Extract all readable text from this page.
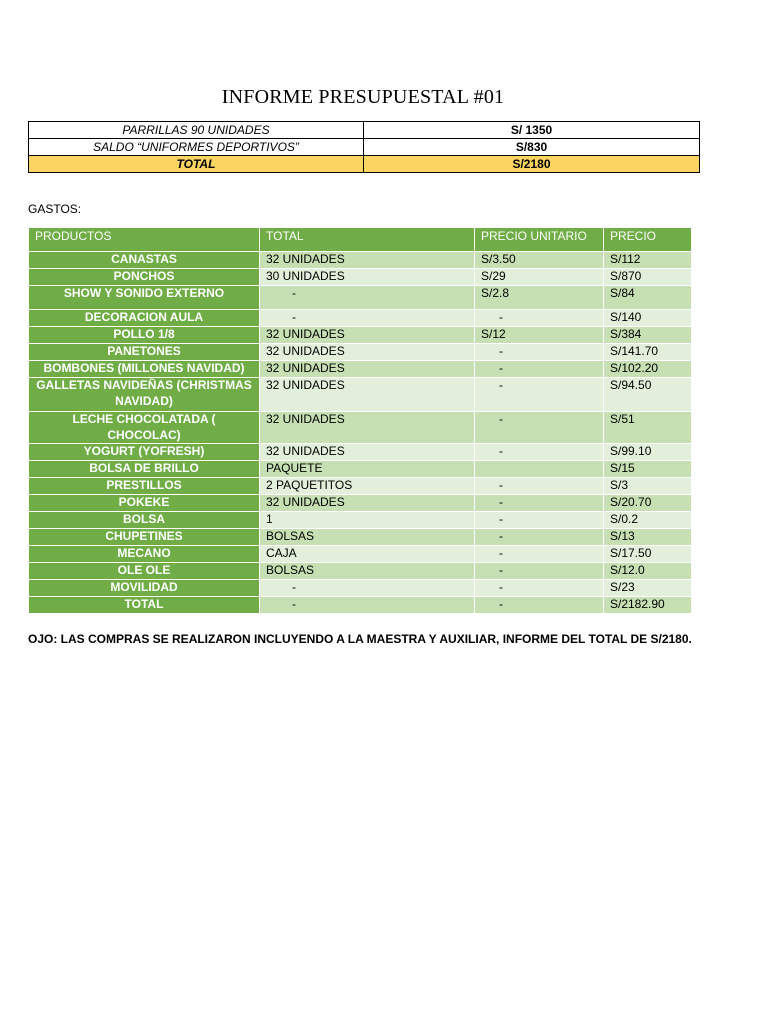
INFORME PRESUPUESTAL #01
PARRILLAS 90 UNIDADES	S/ 1350
SALDO “UNIFORMES DEPORTIVOS”	S/830
TOTAL	S/2180
GASTOS:
PRODUCTOS	TOTAL	PRECIO UNITARIO	PRECIO
CANASTAS	32 UNIDADES	S/3.50	S/112
PONCHOS	30 UNIDADES	S/29	S/870
SHOW Y SONIDO EXTERNO	-	S/2.8	S/84
DECORACION AULA	-	-	S/140
POLLO 1/8	32 UNIDADES	S/12	S/384
PANETONES	32 UNIDADES	-	S/141.70
BOMBONES (MILLONES NAVIDAD)	32 UNIDADES	-	S/102.20
GALLETAS NAVIDEÑAS (CHRISTMAS NAVIDAD)	32 UNIDADES	-	S/94.50
LECHE CHOCOLATADA ( CHOCOLAC)	32 UNIDADES	-	S/51
YOGURT (YOFRESH)	32 UNIDADES	-	S/99.10
BOLSA DE BRILLO	PAQUETE		S/15
PRESTILLOS	2 PAQUETITOS	-	S/3
POKEKE	32 UNIDADES	-	S/20.70
BOLSA	1	-	S/0.2
CHUPETINES	BOLSAS	-	S/13
MECANO	CAJA	-	S/17.50
OLE OLE	BOLSAS	-	S/12.0
MOVILIDAD	-	-	S/23
TOTAL	-	-	S/2182.90
OJO: LAS COMPRAS SE REALIZARON INCLUYENDO A LA MAESTRA Y AUXILIAR, INFORME DEL TOTAL DE S/2180.
